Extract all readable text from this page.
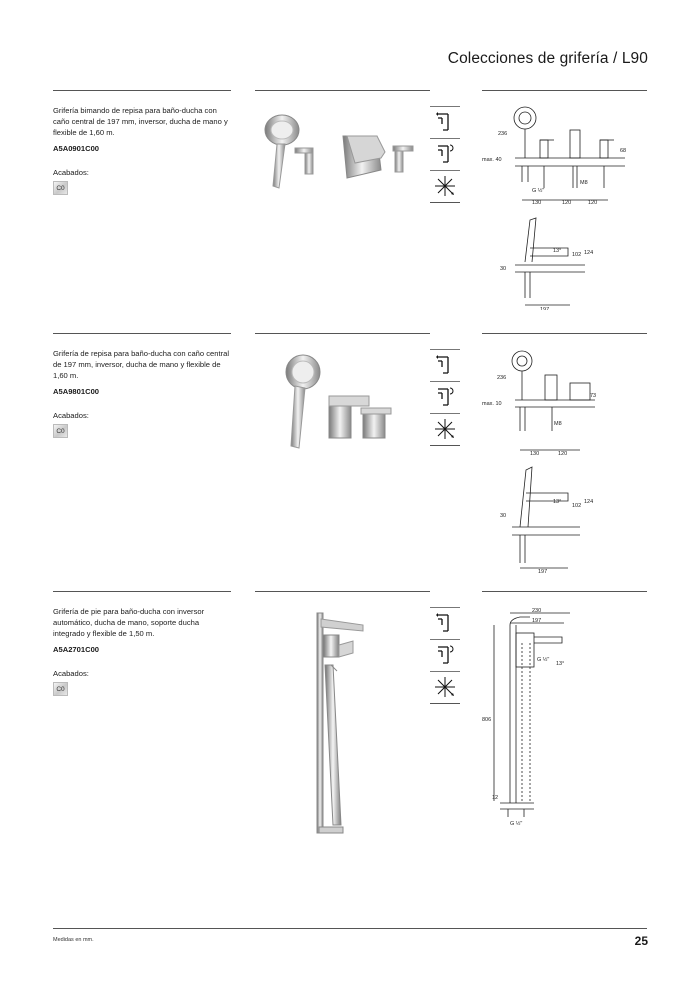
Colecciones de grifería / L90
Grifería bimando de repisa para baño-ducha con caño central de 197 mm, inversor, ducha de mano y flexible de 1,60 m.
A5A0901C00
Acabados:
C0
236
68
max. 40
G ½"
M8
130	120	120
13°
102 124
30
197
Grifería de repisa para baño-ducha con caño central de 197 mm, inversor, ducha de mano y flexible de 1,60 m.
A5A9801C00
Acabados:
C0
236
73
max. 10
M8
130	120
13°
102
124
30
197
Grifería de pie para baño-ducha con inversor automático, ducha de mano, soporte ducha integrado y flexible de 1,50 m.
A5A2701C00
Acabados:
C0
230
197
G ½"
13°
806
12
G ½"
Medidas en mm.	25
